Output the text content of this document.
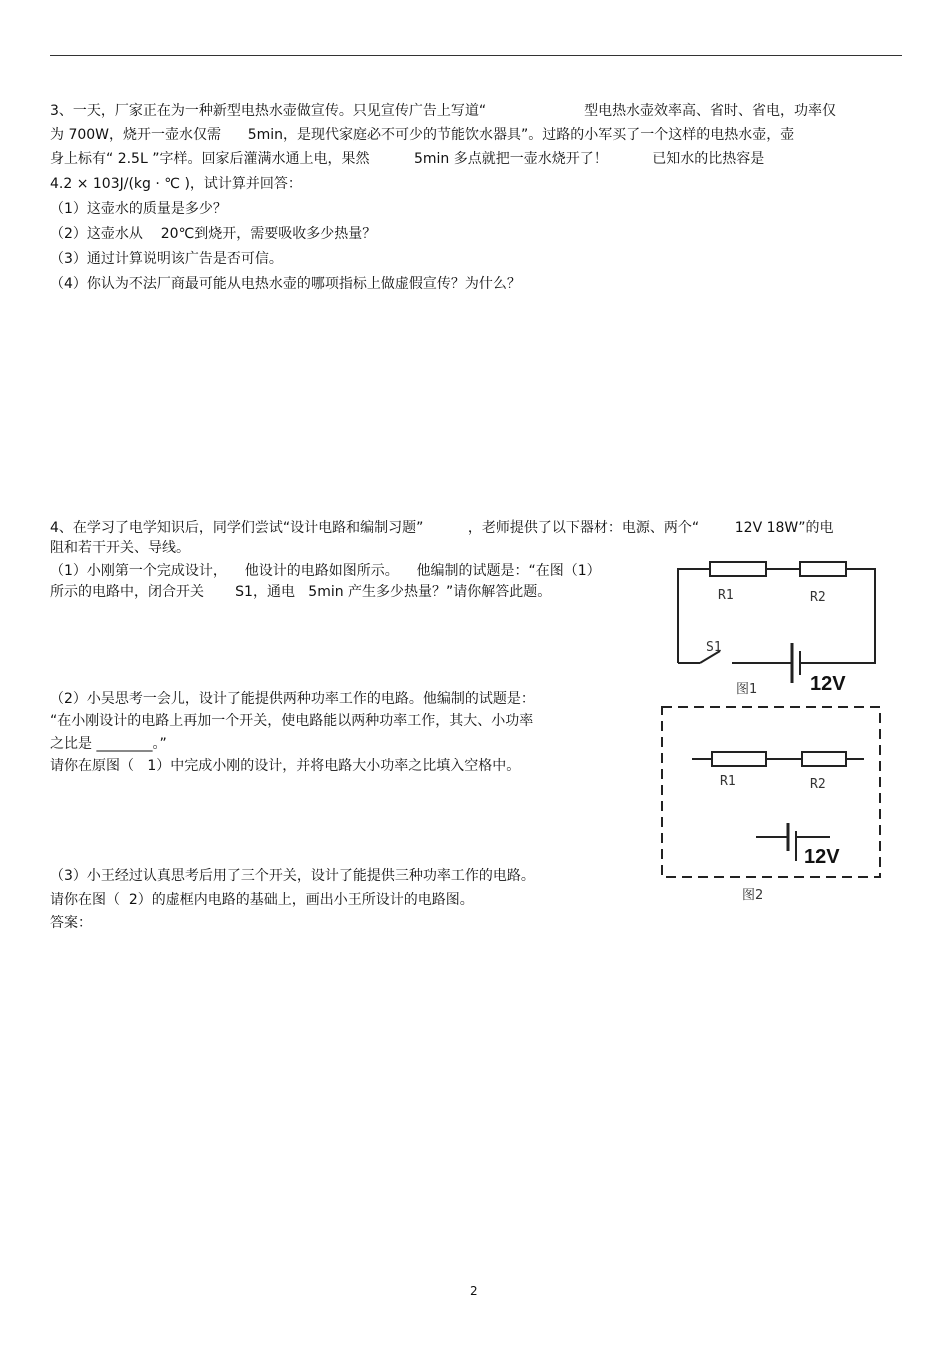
3、一天，厂家正在为一种新型电热水壶做宣传。只见宣传广告上写道“                      型电热水壶效率高、省时、省电，功率仅
为 700W，烧开一壶水仅需      5min，是现代家庭必不可少的节能饮水器具”。过路的小军买了一个这样的电热水壶，壶
身上标有“ 2.5L ”字样。回家后灌满水通上电，果然          5min 多点就把一壶水烧开了！          已知水的比热容是
4.2 × 103J/(kg · ℃ )，试计算并回答：
（1）这壶水的质量是多少？
（2）这壶水从    20℃到烧开，需要吸收多少热量？
（3）通过计算说明该广告是否可信。
（4）你认为不法厂商最可能从电热水壶的哪项指标上做虚假宣传？为什么？
4、在学习了电学知识后，同学们尝试“设计电路和编制习题”          ，老师提供了以下器材：电源、两个“        12V 18W”的电
阻和若干开关、导线。
（1）小刚第一个完成设计，    他设计的电路如图所示。    他编制的试题是：“在图（1）
所示的电路中，闭合开关       S1，通电   5min 产生多少热量？”请你解答此题。
（2）小吴思考一会儿，设计了能提供两种功率工作的电路。他编制的试题是：
“在小刚设计的电路上再加一个开关，使电路能以两种功率工作，其大、小功率
之比是 ________。”
请你在原图（   1）中完成小刚的设计，并将电路大小功率之比填入空格中。
（3）小王经过认真思考后用了三个开关，设计了能提供三种功率工作的电路。
请你在图（  2）的虚框内电路的基础上，画出小王所设计的电路图。
答案：
R1	R2
S1
12V
图1
R1	R2
12V
图2
2
